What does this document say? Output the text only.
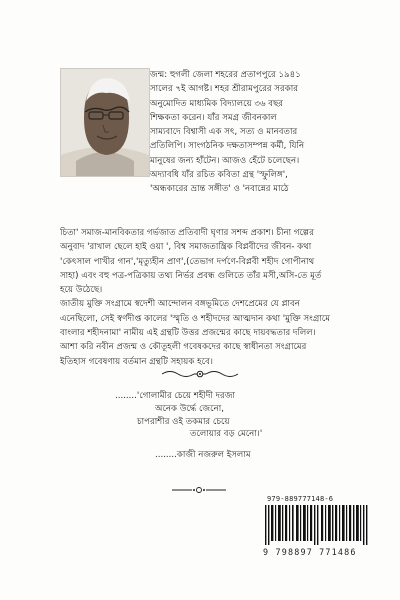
জন্ম: হুগলী জেলা শহরের প্রতাপপুরে ১৯৪১
সালের ৭ই আগষ্ট। শহর শ্রীরামপুরের সরকার
অনুমোদিত মাধ্যমিক বিদ্যালয়ে ৩৬ বছর
শিক্ষকতা করেন। যাঁর সমগ্র জীবনকাল
সাম্যবাদে বিশ্বাসী এক সৎ, সত্য ও মানবতার
প্রতিলিপি। সাংগঠনিক দক্ষতাসম্পন্ন কর্মী, যিনি
মানুষের জন্য হাঁটেন। আজও হেঁটে চলেছেন।
অদ্যাবধি যাঁর রচিত কবিতা গ্রন্থ 'স্ফুলিঙ্গ',
'অন্ধকারের ভ্রান্ত সঙ্গীত' ও 'নবান্নের মাঠে
চিতা' সমাজ-মানবিকতার গর্ভজাত প্রতিবাদী ঘৃণার সশব্দ প্রকাশ। চীনা গল্পের
অনুবাদ 'রাখাল ছেলে হাই ওয়া ', বিশ্ব সমাজতান্ত্রিক বিপ্লবীদের জীবন- কথা
'কেৎসাল পাখীর গান','মৃত্যুহীন প্রাণ',(তেভাগ দর্পণে-বিপ্লবী শহীদ গোপীনাথ
সাহা) এবং বহু পত্র-পত্রিকায় তথ্য নির্ভর প্রবন্ধ গুলিতে তাঁর মসী,অসি-তে মূর্ত
হয়ে উঠেছে।
জাতীয় মুক্তি সংগ্রামে স্বদেশী আন্দোলন বঙ্গভূমিতে দেশপ্রেমের যে প্লাবন
এনেছিলো, সেই স্বর্ণদীপ্ত কালের 'স্মৃতি ও শহীদদের আত্মদান কথা 'মুক্তি সংগ্রামে
বাংলার শহীদনামা' নামীয় এই গ্রন্থটি উত্তর প্রজন্মের কাছে দায়বদ্ধতার দলিল।
আশা করি নবীন প্রজন্ম ও কৌতূহলী গবেষকদের কাছে স্বাধীনতা সংগ্রামের
ইতিহাস গবেষণায় বর্তমান গ্রন্থটি সহায়ক হবে।
........'গোলামীর চেয়ে শহীদী দরজা
অনেক উর্দ্ধে জেনো,
চাপরাশীর ওই তকমার চেয়ে
তলোয়ার বড় মেনো।'
........কাজী নজরুল ইসলাম
979-889777148-6
9 798897 771486
